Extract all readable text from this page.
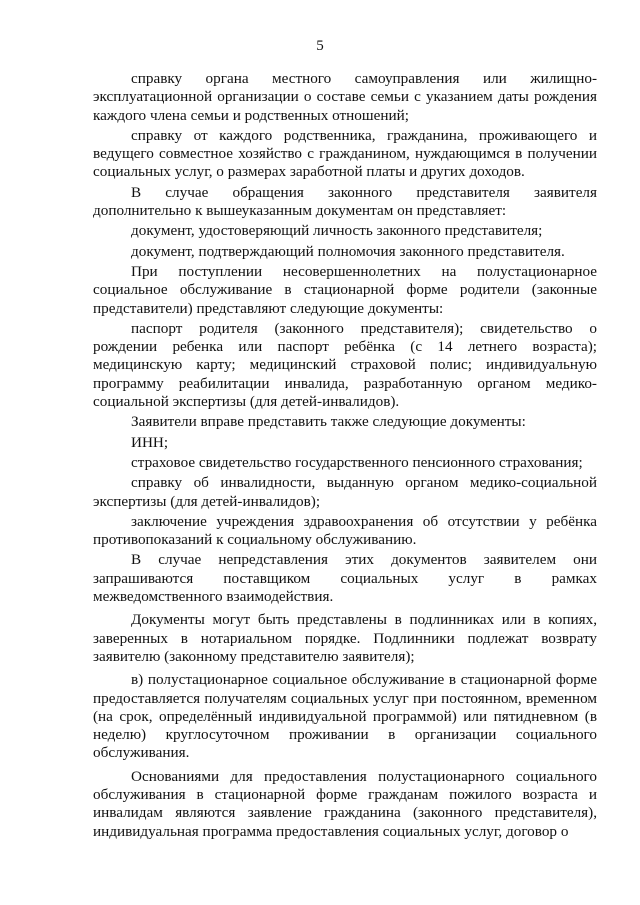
5

справку органа местного самоуправления или жилищно-эксплуатационной организации о составе семьи с указанием даты рождения каждого члена семьи и родственных отношений;

справку от каждого родственника, гражданина, проживающего и ведущего совместное хозяйство с гражданином, нуждающимся в получении социальных услуг, о размерах заработной платы и других доходов.

В случае обращения законного представителя заявителя дополнительно к вышеуказанным документам он представляет:

документ, удостоверяющий личность законного представителя;

документ, подтверждающий полномочия законного представителя.

При поступлении несовершеннолетних на полустационарное социальное обслуживание в стационарной форме родители (законные представители) представляют следующие документы:

паспорт родителя (законного представителя); свидетельство о рождении ребенка или паспорт ребёнка (с 14 летнего возраста); медицинскую карту; медицинский страховой полис; индивидуальную программу реабилитации инвалида, разработанную органом медико-социальной экспертизы (для детей-инвалидов).

Заявители вправе представить также следующие документы:

ИНН;

страховое свидетельство государственного пенсионного страхования;

справку об инвалидности, выданную органом медико-социальной экспертизы (для детей-инвалидов);

заключение учреждения здравоохранения об отсутствии у ребёнка противопоказаний к социальному обслуживанию.

В случае непредставления этих документов заявителем они запрашиваются поставщиком социальных услуг в рамках межведомственного взаимодействия.

Документы могут быть представлены в подлинниках или в копиях, заверенных в нотариальном порядке. Подлинники подлежат возврату заявителю (законному представителю заявителя);

в) полустационарное социальное обслуживание в стационарной форме предоставляется получателям социальных услуг при постоянном, временном (на срок, определённый индивидуальной программой) или пятидневном (в неделю) круглосуточном проживании в организации социального обслуживания.

Основаниями для предоставления полустационарного социального обслуживания в стационарной форме гражданам пожилого возраста и инвалидам являются заявление гражданина (законного представителя), индивидуальная программа предоставления социальных услуг, договор о
